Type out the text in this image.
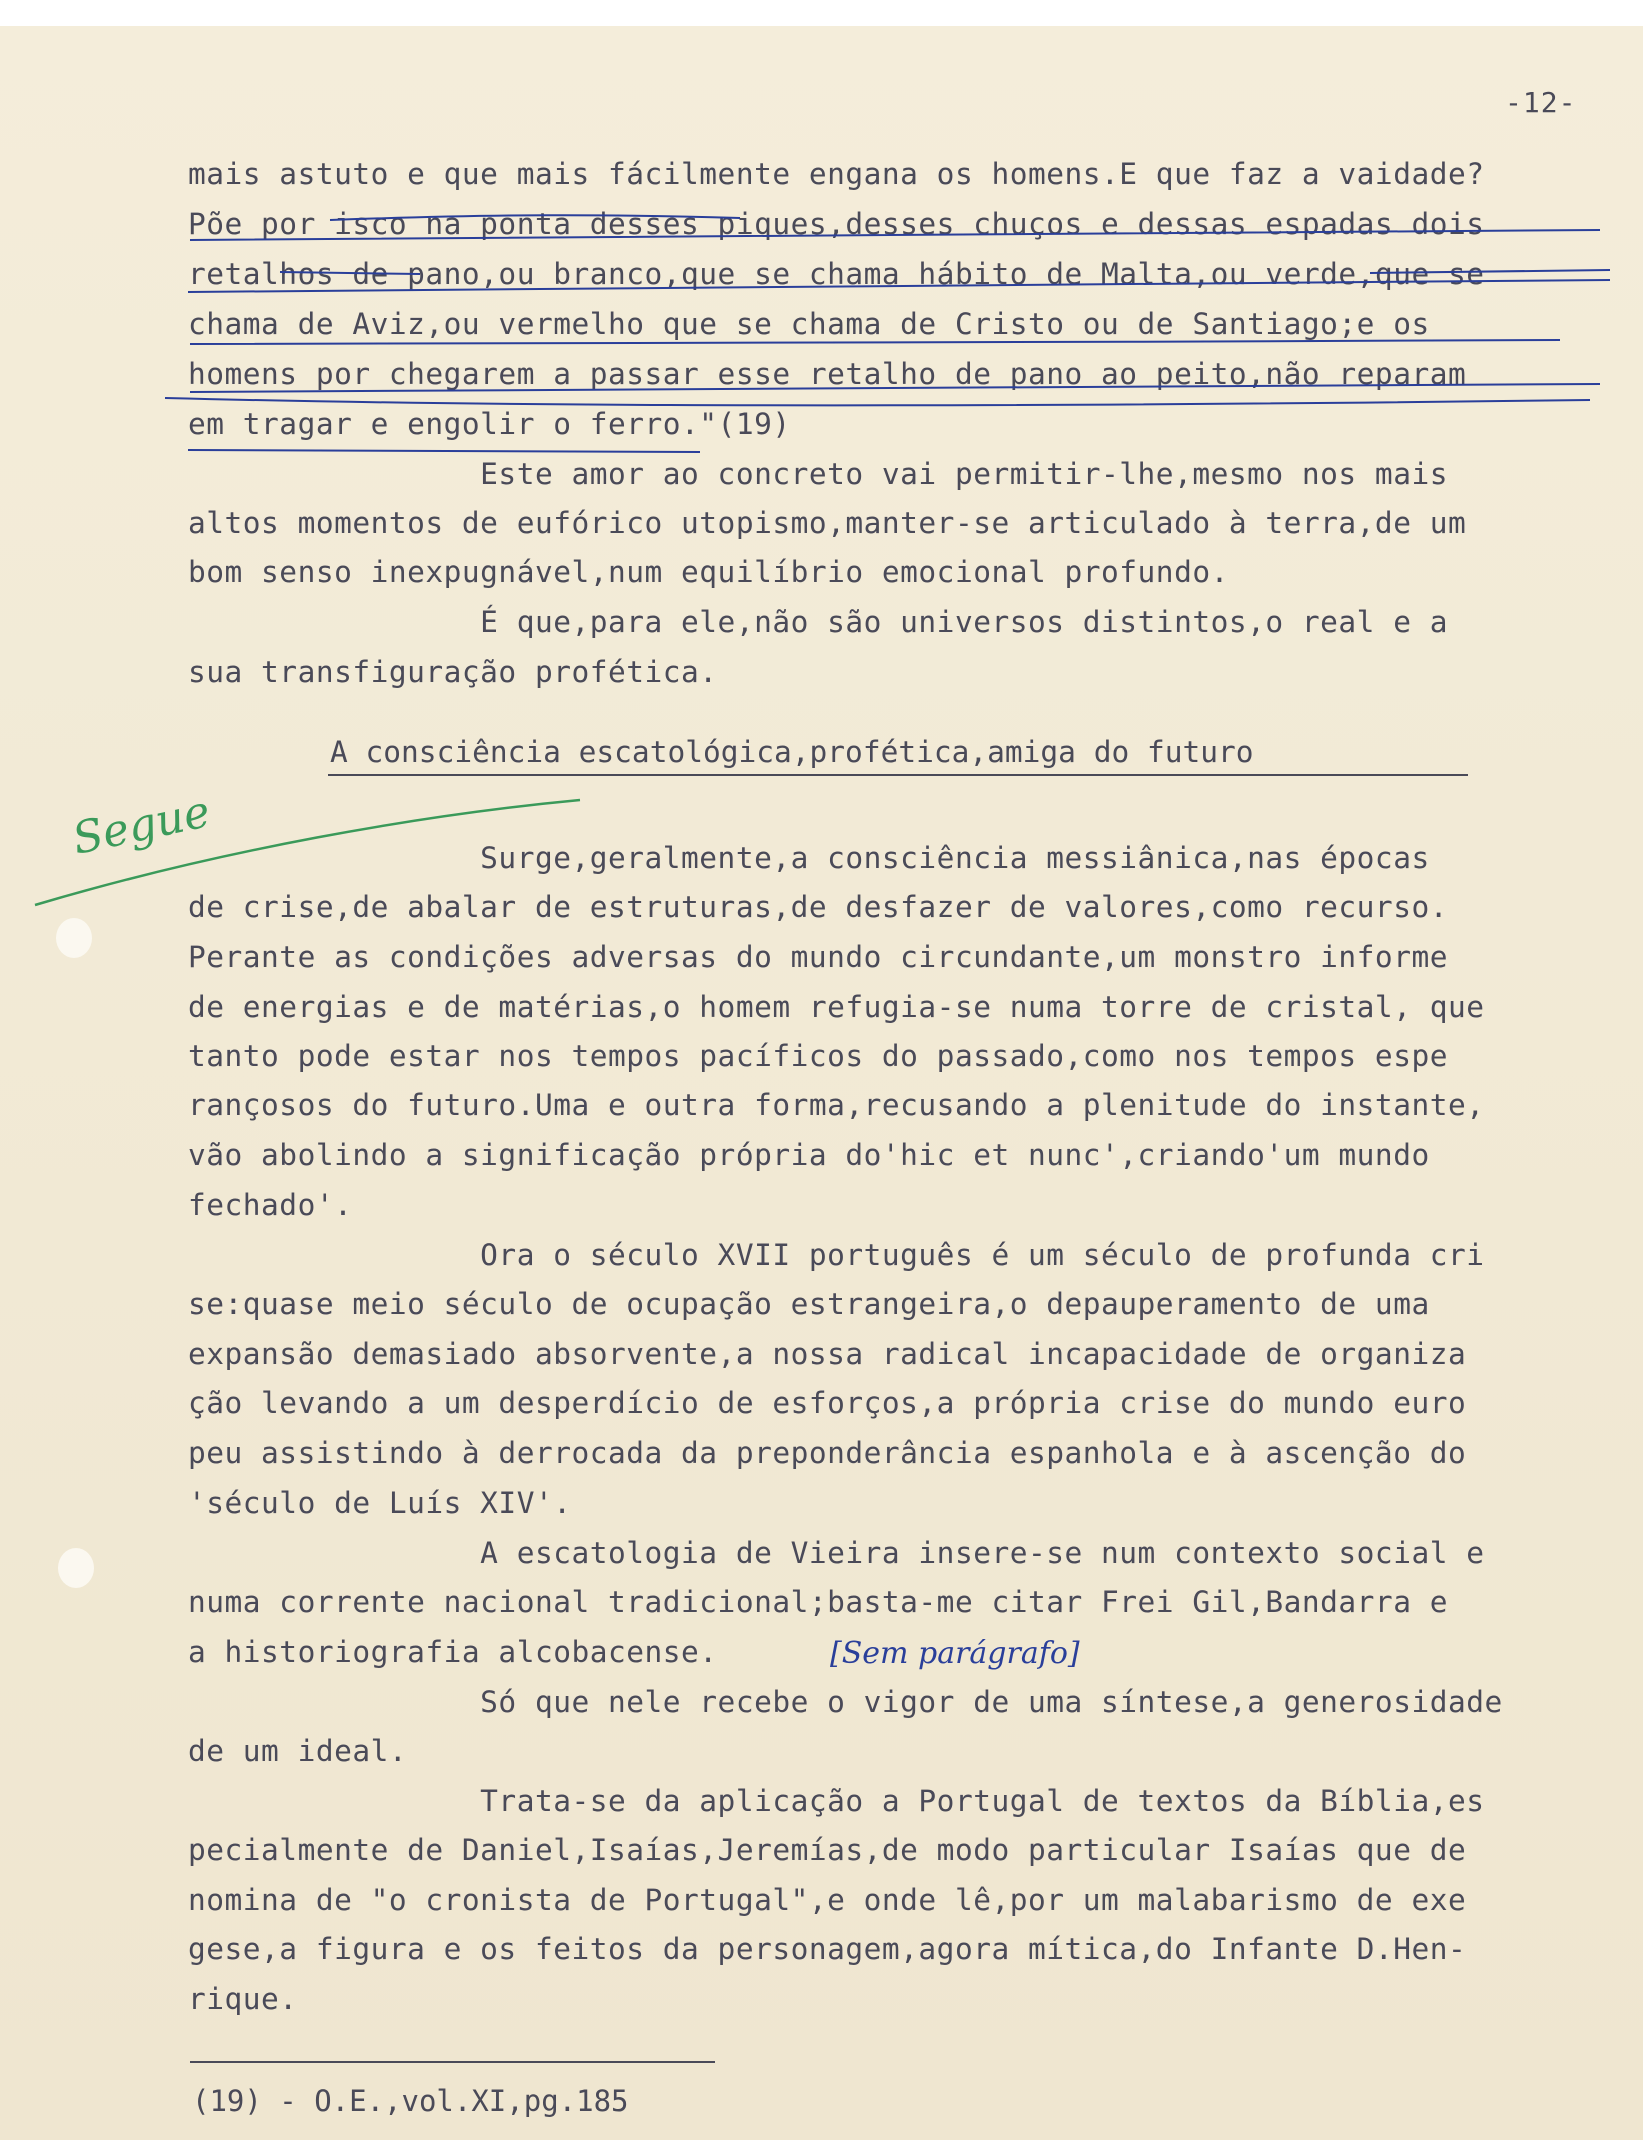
-12-
mais astuto e que mais fácilmente engana os homens.E que faz a vaidade?
Põe por isco na ponta desses piques,desses chuços e dessas espadas dois
retalhos de pano,ou branco,que se chama hábito de Malta,ou verde,que se
chama de Aviz,ou vermelho que se chama de Cristo ou de Santiago;e os
homens por chegarem a passar esse retalho de pano ao peito,não reparam
em tragar e engolir o ferro."(19)
Este amor ao concreto vai permitir-lhe,mesmo nos mais
altos momentos de eufórico utopismo,manter-se articulado à terra,de um
bom senso inexpugnável,num equilíbrio emocional profundo.
É que,para ele,não são universos distintos,o real e a
sua transfiguração profética.
A consciência escatológica,profética,amiga do futuro
Surge,geralmente,a consciência messiânica,nas épocas
de crise,de abalar de estruturas,de desfazer de valores,como recurso.
Perante as condições adversas do mundo circundante,um monstro informe
de energias e de matérias,o homem refugia-se numa torre de cristal, que
tanto pode estar nos tempos pacíficos do passado,como nos tempos espe
rançosos do futuro.Uma e outra forma,recusando a plenitude do instante,
vão abolindo a significação própria do'hic et nunc',criando'um mundo
fechado'.
Ora o século XVII português é um século de profunda cri
se:quase meio século de ocupação estrangeira,o depauperamento de uma
expansão demasiado absorvente,a nossa radical incapacidade de organiza
ção levando a um desperdício de esforços,a própria crise do mundo euro
peu assistindo à derrocada da preponderância espanhola e à ascenção do
'século de Luís XIV'.
A escatologia de Vieira insere-se num contexto social e
numa corrente nacional tradicional;basta-me citar Frei Gil,Bandarra e
a historiografia alcobacense.
Só que nele recebe o vigor de uma síntese,a generosidade
de um ideal.
Trata-se da aplicação a Portugal de textos da Bíblia,es
pecialmente de Daniel,Isaías,Jeremías,de modo particular Isaías que de
nomina de "o cronista de Portugal",e onde lê,por um malabarismo de exe
gese,a figura e os feitos da personagem,agora mítica,do Infante D.Hen-
rique.
(19) - O.E.,vol.XI,pg.185
Segue
[Sem parágrafo]
